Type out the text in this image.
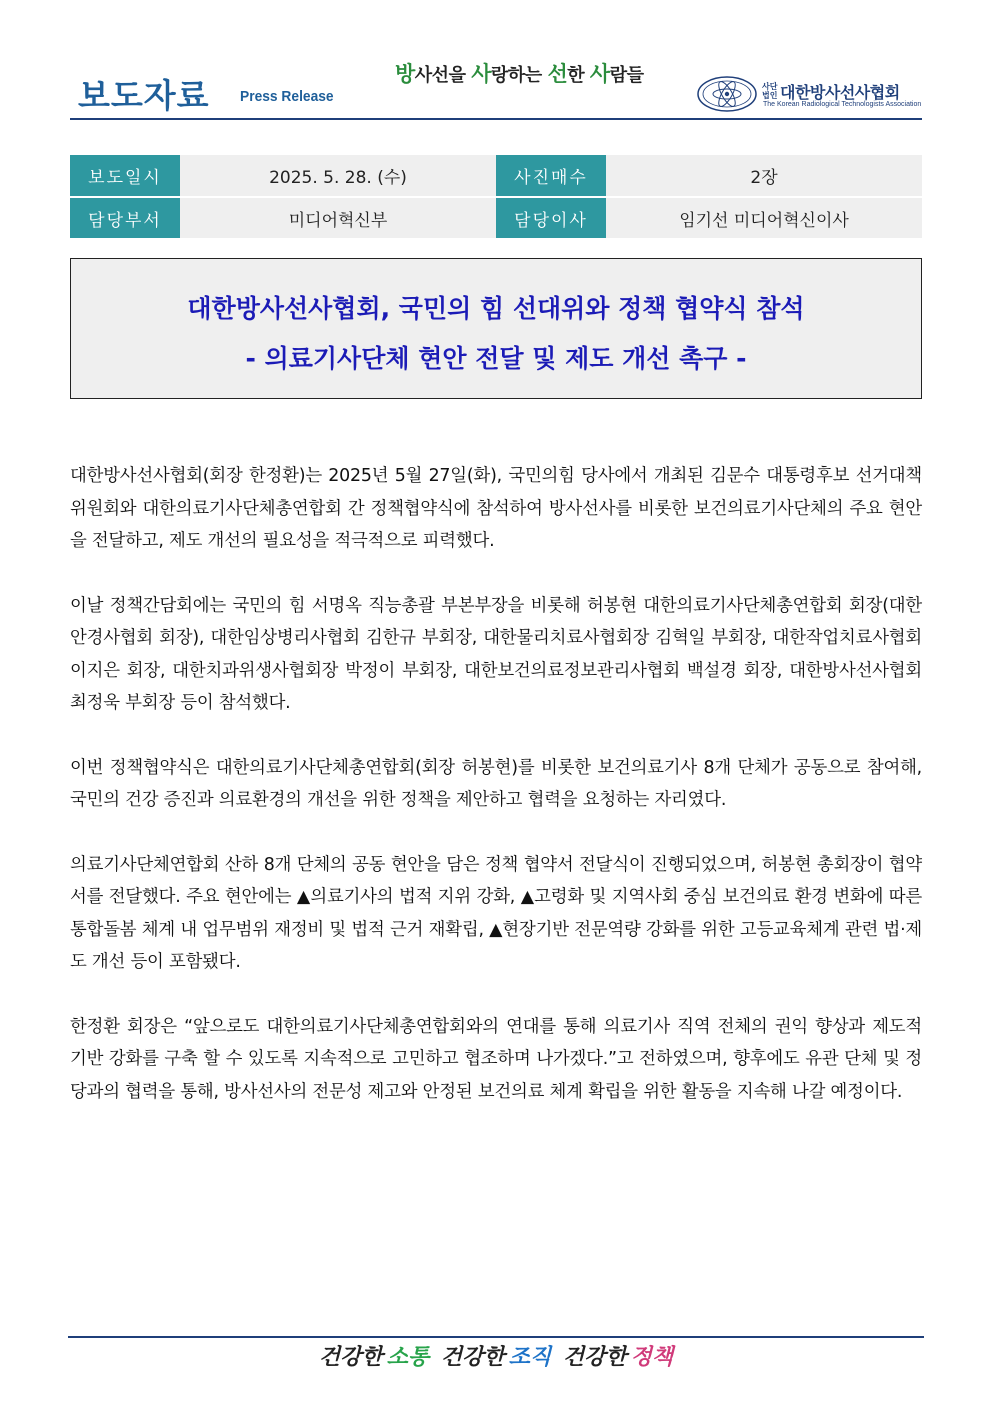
보도자료 Press Release
방사선을 사랑하는 선한 사람들
사단법인 대한방사선사협회
The Korean Radiological Technologists Association
보도일시	2025. 5. 28. (수)	사진매수	2장
담당부서	미디어혁신부	담당이사	임기선 미디어혁신이사
대한방사선사협회, 국민의 힘 선대위와 정책 협약식 참석
- 의료기사단체 현안 전달 및 제도 개선 촉구 -

대한방사선사협회(회장 한정환)는 2025년 5월 27일(화), 국민의힘 당사에서 개최된 김문수 대통령후보 선거대책위원회와 대한의료기사단체총연합회 간 정책협약식에 참석하여 방사선사를 비롯한 보건의료기사단체의 주요 현안을 전달하고, 제도 개선의 필요성을 적극적으로 피력했다.

이날 정책간담회에는 국민의 힘 서명옥 직능총괄 부본부장을 비롯해 허봉현 대한의료기사단체총연합회 회장(대한안경사협회 회장), 대한임상병리사협회 김한규 부회장, 대한물리치료사협회장 김혁일 부회장, 대한작업치료사협회 이지은 회장, 대한치과위생사협회장 박정이 부회장, 대한보건의료정보관리사협회 백설경 회장, 대한방사선사협회 최정욱 부회장 등이 참석했다.

이번 정책협약식은 대한의료기사단체총연합회(회장 허봉현)를 비롯한 보건의료기사 8개 단체가 공동으로 참여해, 국민의 건강 증진과 의료환경의 개선을 위한 정책을 제안하고 협력을 요청하는 자리였다.

의료기사단체연합회 산하 8개 단체의 공동 현안을 담은 정책 협약서 전달식이 진행되었으며, 허봉현 총회장이 협약서를 전달했다. 주요 현안에는 ▲의료기사의 법적 지위 강화, ▲고령화 및 지역사회 중심 보건의료 환경 변화에 따른 통합돌봄 체계 내 업무범위 재정비 및 법적 근거 재확립, ▲현장기반 전문역량 강화를 위한 고등교육체계 관련 법·제도 개선 등이 포함됐다.

한정환 회장은 “앞으로도 대한의료기사단체총연합회와의 연대를 통해 의료기사 직역 전체의 권익 향상과 제도적 기반 강화를 구축 할 수 있도록 지속적으로 고민하고 협조하며 나가겠다.”고 전하였으며, 향후에도 유관 단체 및 정당과의 협력을 통해, 방사선사의 전문성 제고와 안정된 보건의료 체계 확립을 위한 활동을 지속해 나갈 예정이다.

건강한 소통 건강한 조직 건강한 정책
